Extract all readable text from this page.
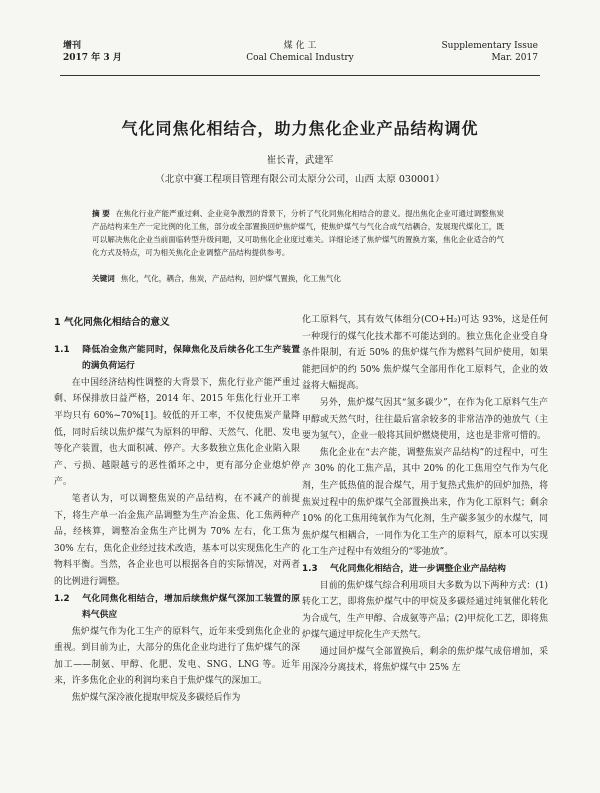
增刊
2017 年 3 月
煤 化 工
Coal Chemical Industry
Supplementary Issue
Mar. 2017
气化同焦化相结合，助力焦化企业产品结构调优
崔长青，武建军
（北京中赛工程项目管理有限公司太原分公司，山西 太原 030001）
摘 要 在焦化行业产能严重过剩、企业竞争激烈的背景下，分析了气化同焦化相结合的意义。提出焦化企业可通过调整焦炭产品结构来生产一定比例的化工焦，部分或全部置换回炉焦炉煤气，使焦炉煤气与气化合成气结耦合，发展现代煤化工，既可以解决焦化企业当前面临转型升级问题，又可助焦化企业度过难关。详细论述了焦炉煤气的置换方案，焦化企业适合的气化方式及特点，可为相关焦化企业调整产品结构提供参考。
关键词 焦化，气化，耦合，焦炭，产品结构，回炉煤气置换，化工焦气化
1 气化同焦化相结合的意义
1.1 降低冶金焦产能同时，保障焦化及后续各化工生产装置的满负荷运行

在中国经济结构性调整的大背景下，焦化行业产能严重过剩、环保排放日益严格，2014 年、2015 年焦化行业开工率平均只有 60%~70%[1]。较低的开工率，不仅使焦炭产量降低，同时后续以焦炉煤气为原料的甲醇、天然气、化肥、发电等化产装置，也大面积减、停产。大多数独立焦化企业陷入限产、亏损、越限越亏的恶性循环之中，更有部分企业熄炉停产。

笔者认为，可以调整焦炭的产品结构，在不减产的前提下，将生产单一冶金焦产品调整为生产冶金焦、化工焦两种产品，经核算，调整冶金焦生产比例为 70% 左右，化工焦为 30% 左右，焦化企业经过技术改造，基本可以实现焦化生产的物料平衡。当然，各企业也可以根据各自的实际情况，对两者的比例进行调整。

1.2 气化同焦化相结合，增加后续焦炉煤气深加工装置的原料气供应

焦炉煤气作为化工生产的原料气，近年来受到焦化企业的重视。到目前为止，大部分的焦化企业均进行了焦炉煤气的深加工——制氨、甲醇、化肥、发电、SNG、LNG 等。近年来，许多焦化企业的利润均来自于焦炉煤气的深加工。

焦炉煤气深冷液化提取甲烷及多碳烃后作为

化工原料气，其有效气体组分(CO+H₂)可达 93%，这是任何一种现行的煤气化技术都不可能达到的。独立焦化企业受自身条件限制，有近 50% 的焦炉煤气作为燃料气回炉使用，如果能把回炉的约 50% 焦炉煤气全部用作化工原料气，企业的效益将大幅提高。

另外，焦炉煤气因其“氢多碳少”，在作为化工原料气生产甲醇或天然气时，往往最后富余较多的非常洁净的弛放气（主要为氢气），企业一般将其回炉燃烧使用，这也是非常可惜的。

焦化企业在“去产能，调整焦炭产品结构”的过程中，可生产 30% 的化工焦产品，其中 20% 的化工焦用空气作为气化剂，生产低热值的混合煤气，用于复热式焦炉的回炉加热，将焦炭过程中的焦炉煤气全部置换出来，作为化工原料气；剩余 10% 的化工焦用纯氧作为气化剂，生产碳多氢少的水煤气，同焦炉煤气相耦合，一同作为化工生产的原料气，原本可以实现化工生产过程中有效组分的“零弛放”。

1.3 气化同焦化相结合，进一步调整企业产品结构

目前的焦炉煤气综合利用项目大多数为以下两种方式：(1)转化工艺，即将焦炉煤气中的甲烷及多碳烃通过纯氧催化转化为合成气，生产甲醇、合成氨等产品；(2)甲烷化工艺，即将焦炉煤气通过甲烷化生产天然气。

通过回炉煤气全部置换后，剩余的焦炉煤气成倍增加，采用深冷分离技术，将焦炉煤气中 25% 左
